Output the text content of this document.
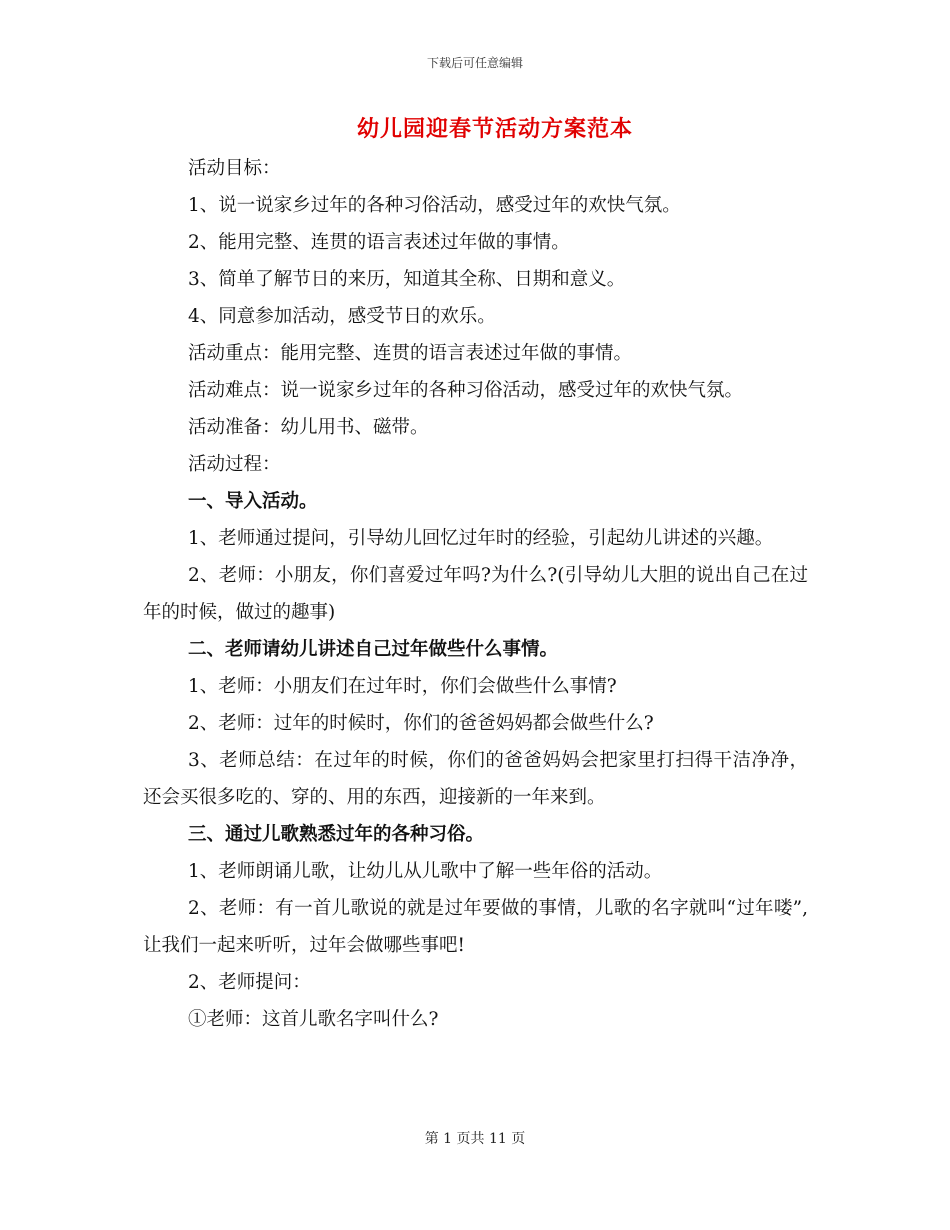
下载后可任意编辑
幼儿园迎春节活动方案范本

活动目标：

1、说一说家乡过年的各种习俗活动，感受过年的欢快气氛。

2、能用完整、连贯的语言表述过年做的事情。

3、简单了解节日的来历，知道其全称、日期和意义。

4、同意参加活动，感受节日的欢乐。

活动重点：能用完整、连贯的语言表述过年做的事情。

活动难点：说一说家乡过年的各种习俗活动，感受过年的欢快气氛。

活动准备：幼儿用书、磁带。

活动过程：

一、导入活动。

1、老师通过提问，引导幼儿回忆过年时的经验，引起幼儿讲述的兴趣。

2、老师：小朋友，你们喜爱过年吗?为什么?(引导幼儿大胆的说出自己在过年的时候，做过的趣事)

二、老师请幼儿讲述自己过年做些什么事情。

1、老师：小朋友们在过年时，你们会做些什么事情?

2、老师：过年的时候时，你们的爸爸妈妈都会做些什么?

3、老师总结：在过年的时候，你们的爸爸妈妈会把家里打扫得干洁净净，还会买很多吃的、穿的、用的东西，迎接新的一年来到。

三、通过儿歌熟悉过年的各种习俗。

1、老师朗诵儿歌，让幼儿从儿歌中了解一些年俗的活动。

2、老师：有一首儿歌说的就是过年要做的事情，儿歌的名字就叫“过年喽”,让我们一起来听听，过年会做哪些事吧!

2、老师提问：

①老师：这首儿歌名字叫什么?

第 1 页共 11 页
